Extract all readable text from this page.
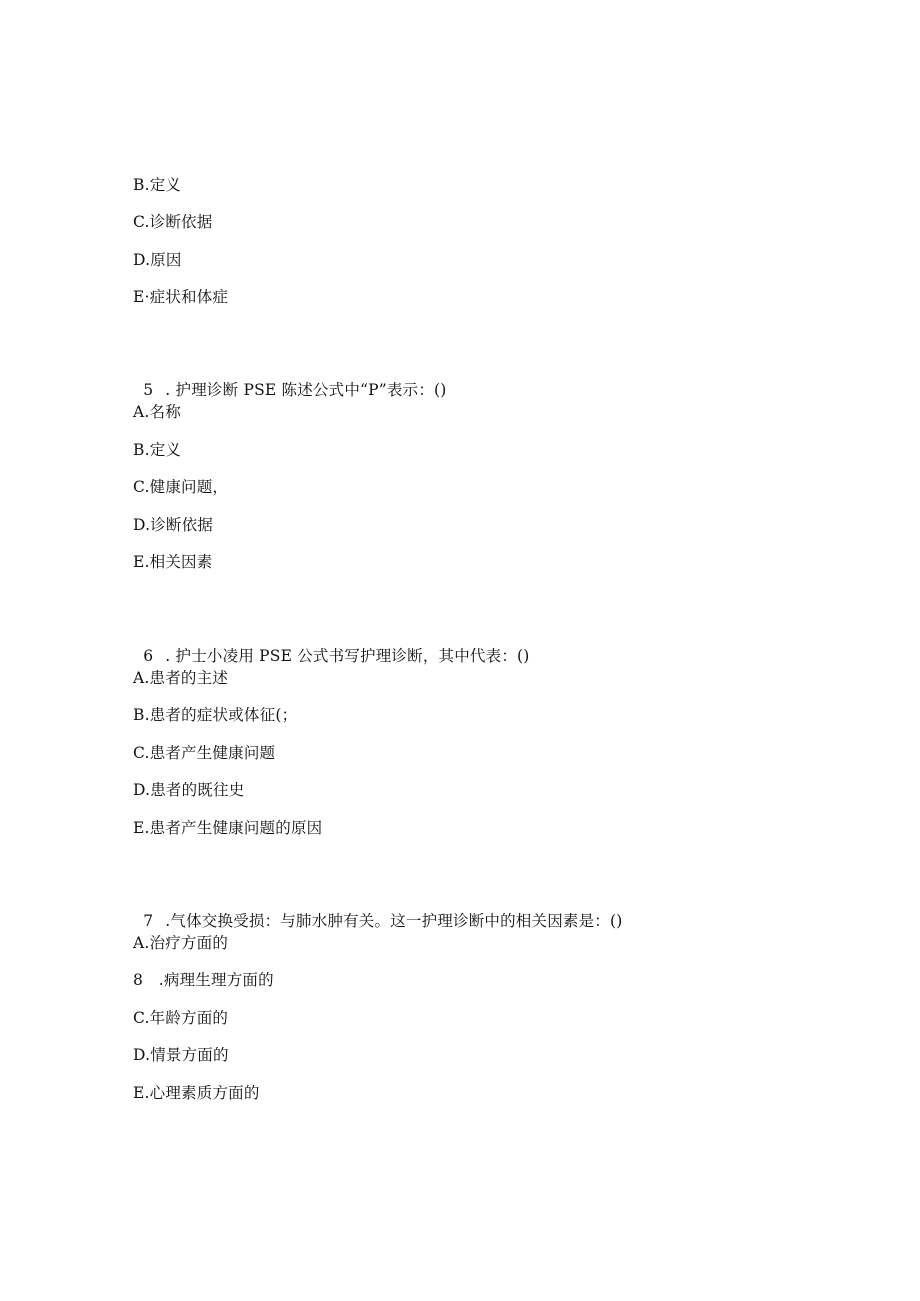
B.定义
C.诊断依据
D.原因
E·症状和体症

5 . 护理诊断 PSE 陈述公式中“P”表示：()

A.名称
B.定义
C.健康问题，
D.诊断依据
E.相关因素

6 . 护士小凌用 PSE 公式书写护理诊断，其中代表：()

A.患者的主述
B.患者的症状或体征(；
C.患者产生健康问题
D.患者的既往史
E.患者产生健康问题的原因

7 .气体交换受损：与肺水肿有关。这一护理诊断中的相关因素是：()

A.治疗方面的
8　.病理生理方面的
C.年龄方面的
D.情景方面的
E.心理素质方面的
